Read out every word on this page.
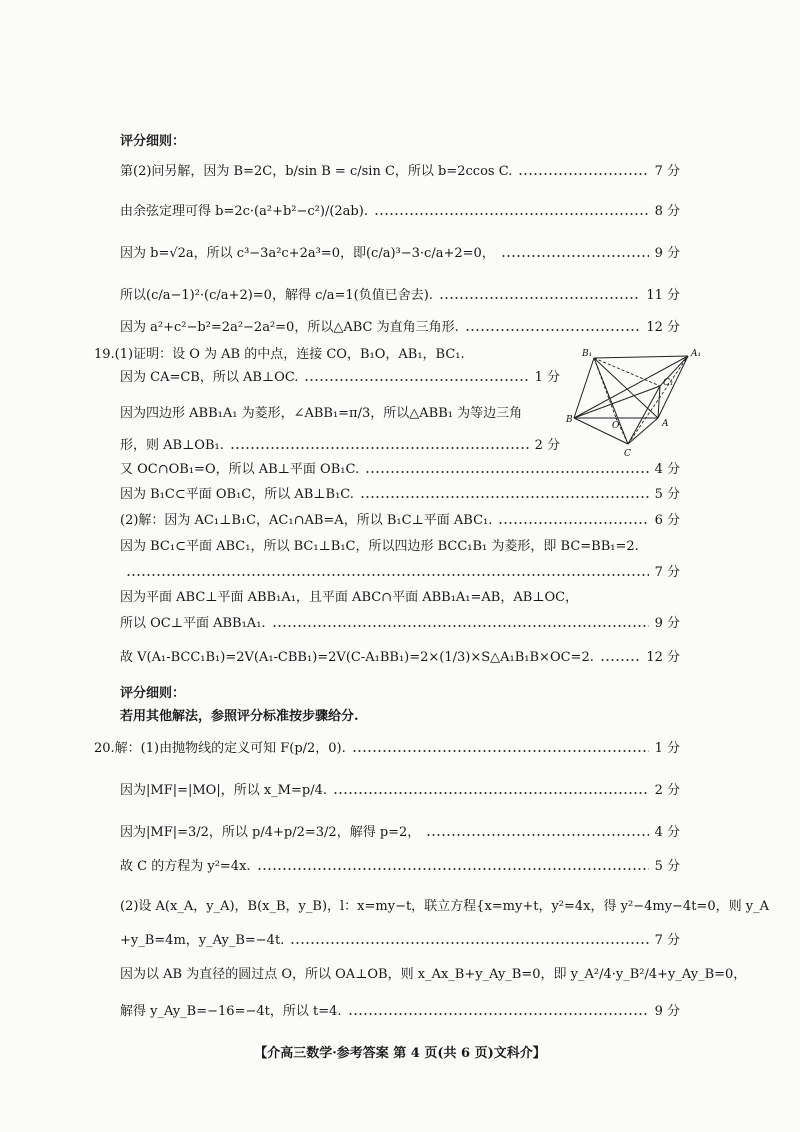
评分细则：
第(2)问另解，因为 B=2C，b/sin B = c/sin C，所以 b=2ccos C.	7 分
由余弦定理可得 b=2c·(a²+b²−c²)/(2ab).	8 分
因为 b=√2a，所以 c³−3a²c+2a³=0，即(c/a)³−3·c/a+2=0，	9 分
所以(c/a−1)²·(c/a+2)=0，解得 c/a=1(负值已舍去).	11 分
因为 a²+c²−b²=2a²−2a²=0，所以△ABC 为直角三角形.	12 分
19.(1)证明：设 O 为 AB 的中点，连接 CO，B₁O，AB₁，BC₁.
因为 CA=CB，所以 AB⊥OC.	1 分
因为四边形 ABB₁A₁ 为菱形，∠ABB₁=π/3，所以△ABB₁ 为等边三角
形，则 AB⊥OB₁.	2 分
又 OC∩OB₁=O，所以 AB⊥平面 OB₁C.	4 分
因为 B₁C⊂平面 OB₁C，所以 AB⊥B₁C.	5 分
(2)解：因为 AC₁⊥B₁C，AC₁∩AB=A，所以 B₁C⊥平面 ABC₁.	6 分
因为 BC₁⊂平面 ABC₁，所以 BC₁⊥B₁C，所以四边形 BCC₁B₁ 为菱形，即 BC=BB₁=2.
7 分
因为平面 ABC⊥平面 ABB₁A₁，且平面 ABC∩平面 ABB₁A₁=AB，AB⊥OC，
所以 OC⊥平面 ABB₁A₁.	9 分
故 V(A₁-BCC₁B₁)=2V(A₁-CBB₁)=2V(C-A₁BB₁)=2×(1/3)×S△A₁B₁B×OC=2.	12 分
B₁	A₁
C₁
B
O	A
C
评分细则：
若用其他解法，参照评分标准按步骤给分.
20.解：(1)由抛物线的定义可知 F(p/2，0).	1 分
因为|MF|=|MO|，所以 x_M=p/4.	2 分
因为|MF|=3/2，所以 p/4+p/2=3/2，解得 p=2，	4 分
故 C 的方程为 y²=4x.	5 分
(2)设 A(x_A，y_A)，B(x_B，y_B)，l：x=my−t，联立方程{x=my+t，y²=4x，得 y²−4my−4t=0，则 y_A
+y_B=4m，y_Ay_B=−4t.	7 分
因为以 AB 为直径的圆过点 O，所以 OA⊥OB，则 x_Ax_B+y_Ay_B=0，即 y_A²/4·y_B²/4+y_Ay_B=0，
解得 y_Ay_B=−16=−4t，所以 t=4.	9 分
【介高三数学·参考答案 第 4 页(共 6 页)文科介】
